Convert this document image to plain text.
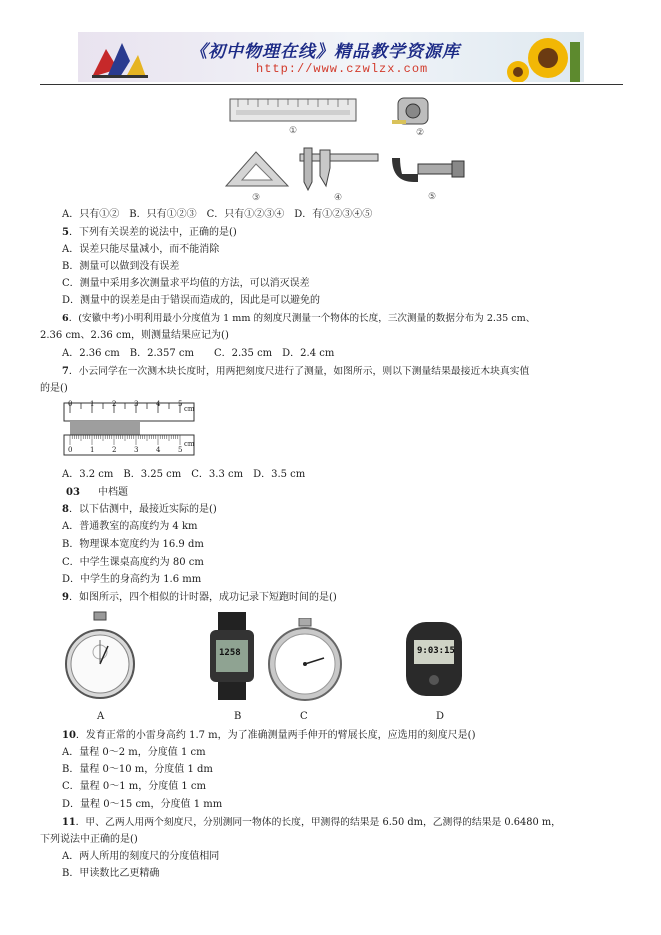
《初中物理在线》精品教学资源库
http://www.czwlzx.com
①	②
③	④	⑤
A．只有①②　B．只有①②③　C．只有①②③④　D．有①②③④⑤
5．下列有关误差的说法中，正确的是()
A．误差只能尽量减小，而不能消除
B．测量可以做到没有误差
C．测量中采用多次测量求平均值的方法，可以消灭误差
D．测量中的误差是由于错误而造成的，因此是可以避免的
6．(安徽中考)小明利用最小分度值为 1 mm 的刻度尺测量一个物体的长度，三次测量的数据分布为 2.35 cm、
2.36 cm、2.36 cm，则测量结果应记为()
A．2.36 cm　B．2.357 cm　　C．2.35 cm　D．2.4 cm
7．小云同学在一次测木块长度时，用两把刻度尺进行了测量，如图所示，则以下测量结果最接近木块真实值
的是()
0	1	2	3	4	5
cm
0	1	2	3	4	5
cm
A．3.2 cm　B．3.25 cm　C．3.3 cm　D．3.5 cm
03 中档题
8．以下估测中，最接近实际的是()
A．普通教室的高度约为 4 km
B．物理课本宽度约为 16.9 dm
C．中学生课桌高度约为 80 cm
D．中学生的身高约为 1.6 mm
9．如图所示，四个相似的计时器，成功记录下短跑时间的是()
1258	9:03:15
A	B	C	D
10．发育正常的小雷身高约 1.7 m，为了准确测量两手伸开的臂展长度，应选用的刻度尺是()
A．量程 0～2 m，分度值 1 cm
B．量程 0～10 m，分度值 1 dm
C．量程 0～1 m，分度值 1 cm
D．量程 0～15 cm，分度值 1 mm
11．甲、乙两人用两个刻度尺，分别测同一物体的长度，甲测得的结果是 6.50 dm，乙测得的结果是 0.6480 m，
下列说法中正确的是()
A．两人所用的刻度尺的分度值相同
B．甲读数比乙更精确
